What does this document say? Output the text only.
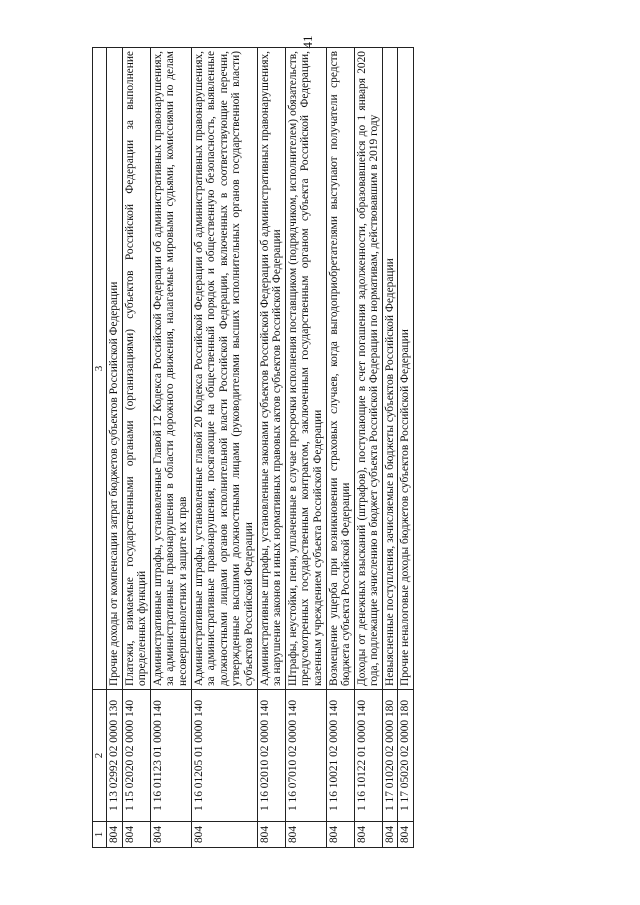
41
1	2	3
804	1 13 02992 02 0000 130	Прочие доходы от компенсации затрат бюджетов субъектов Российской Федерации
804	1 15 02020 02 0000 140	Платежи, взимаемые государственными органами (организациями) субъектов Российской Федерации за выполнение определенных функций
804	1 16 01123 01 0000 140	Административные штрафы, установленные Главой 12 Кодекса Российской Федерации об административных правонарушениях, за административные правонарушения в области дорожного движения, налагаемые мировыми судьями, комиссиями по делам несовершеннолетних и защите их прав
804	1 16 01205 01 0000 140	Административные штрафы, установленные главой 20 Кодекса Российской Федерации об административных правонарушениях, за административные правонарушения, посягающие на общественный порядок и общественную безопасность, выявленные должностными лицами органов исполнительной власти Российской Федерации, включенных в соответствующие перечни, утвержденные высшими должностными лицами (руководителями высших исполнительных органов государственной власти) субъектов Российской Федерации
804	1 16 02010 02 0000 140	Административные штрафы, установленные законами субъектов Российской Федерации об административных правонарушениях, за нарушение законов и иных нормативных правовых актов субъектов Российской Федерации
804	1 16 07010 02 0000 140	Штрафы, неустойки, пени, уплаченные в случае просрочки исполнения поставщиком (подрядчиком, исполнителем) обязательств, предусмотренных государственным контрактом, заключенным государственным органом субъекта Российской Федерации, казенным учреждением субъекта Российской Федерации
804	1 16 10021 02 0000 140	Возмещение ущерба при возникновении страховых случаев, когда выгодоприобретателями выступают получатели средств бюджета субъекта Российской Федерации
804	1 16 10122 01 0000 140	Доходы от денежных взысканий (штрафов), поступающие в счет погашения задолженности, образовавшейся до 1 января 2020 года, подлежащие зачислению в бюджет субъекта Российской Федерации по нормативам, действовавшим в 2019 году
804	1 17 01020 02 0000 180	Невыясненные поступления, зачисляемые в бюджеты субъектов Российской Федерации
804	1 17 05020 02 0000 180	Прочие неналоговые доходы бюджетов субъектов Российской Федерации
